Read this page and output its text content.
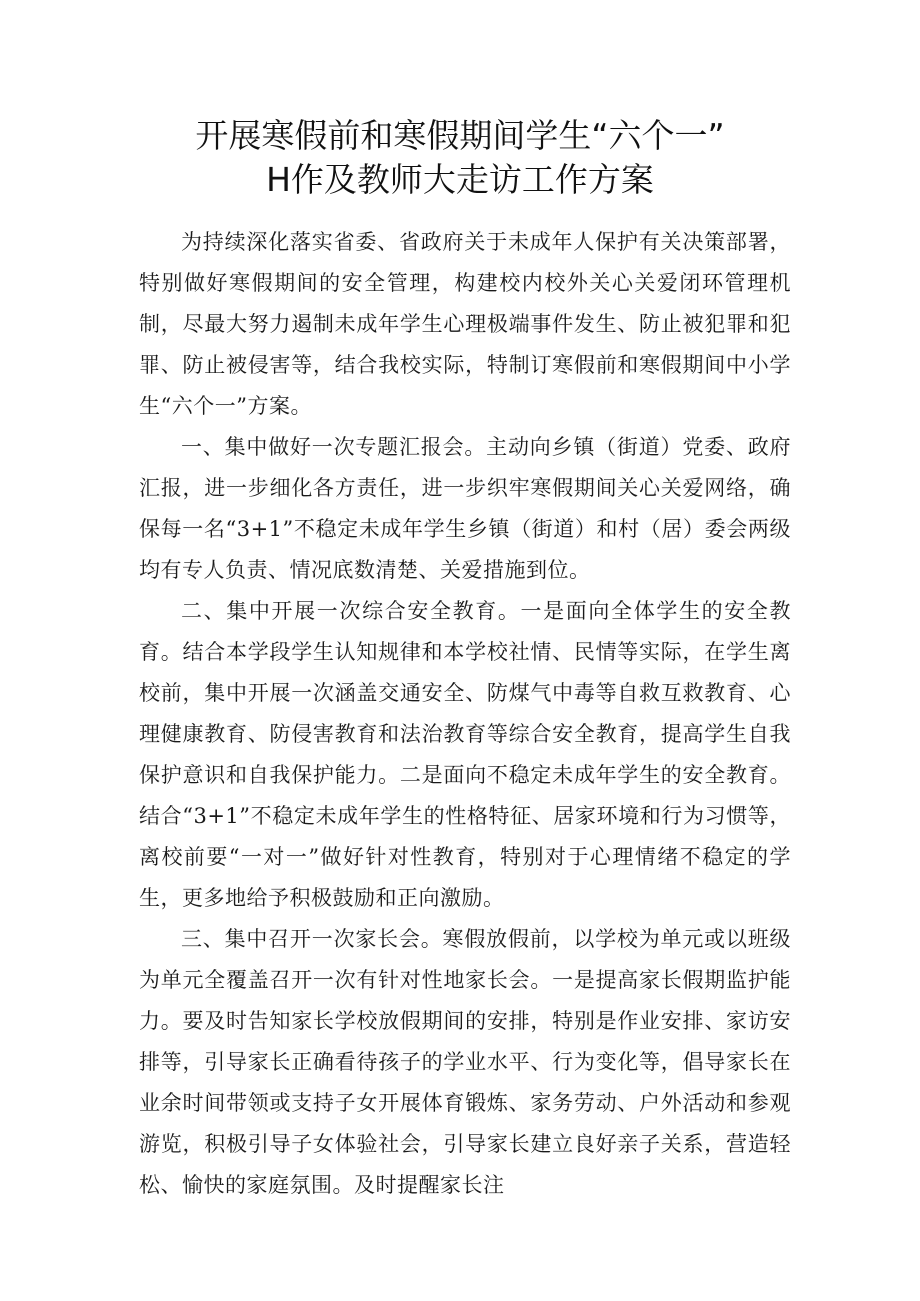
开展寒假前和寒假期间学生“六个一”
H作及教师大走访工作方案

为持续深化落实省委、省政府关于未成年人保护有关决策部署，特别做好寒假期间的安全管理，构建校内校外关心关爱闭环管理机制，尽最大努力遏制未成年学生心理极端事件发生、防止被犯罪和犯罪、防止被侵害等，结合我校实际，特制订寒假前和寒假期间中小学生“六个一”方案。

一、集中做好一次专题汇报会。主动向乡镇（街道）党委、政府汇报，进一步细化各方责任，进一步织牢寒假期间关心关爱网络，确保每一名“3+1”不稳定未成年学生乡镇（街道）和村（居）委会两级均有专人负责、情况底数清楚、关爱措施到位。

二、集中开展一次综合安全教育。一是面向全体学生的安全教育。结合本学段学生认知规律和本学校社情、民情等实际，在学生离校前，集中开展一次涵盖交通安全、防煤气中毒等自救互救教育、心理健康教育、防侵害教育和法治教育等综合安全教育，提高学生自我保护意识和自我保护能力。二是面向不稳定未成年学生的安全教育。结合“3+1”不稳定未成年学生的性格特征、居家环境和行为习惯等，离校前要“一对一”做好针对性教育，特别对于心理情绪不稳定的学生，更多地给予积极鼓励和正向激励。

三、集中召开一次家长会。寒假放假前，以学校为单元或以班级为单元全覆盖召开一次有针对性地家长会。一是提高家长假期监护能力。要及时告知家长学校放假期间的安排，特别是作业安排、家访安排等，引导家长正确看待孩子的学业水平、行为变化等，倡导家长在业余时间带领或支持子女开展体育锻炼、家务劳动、户外活动和参观游览，积极引导子女体验社会，引导家长建立良好亲子关系，营造轻松、愉快的家庭氛围。及时提醒家长注
